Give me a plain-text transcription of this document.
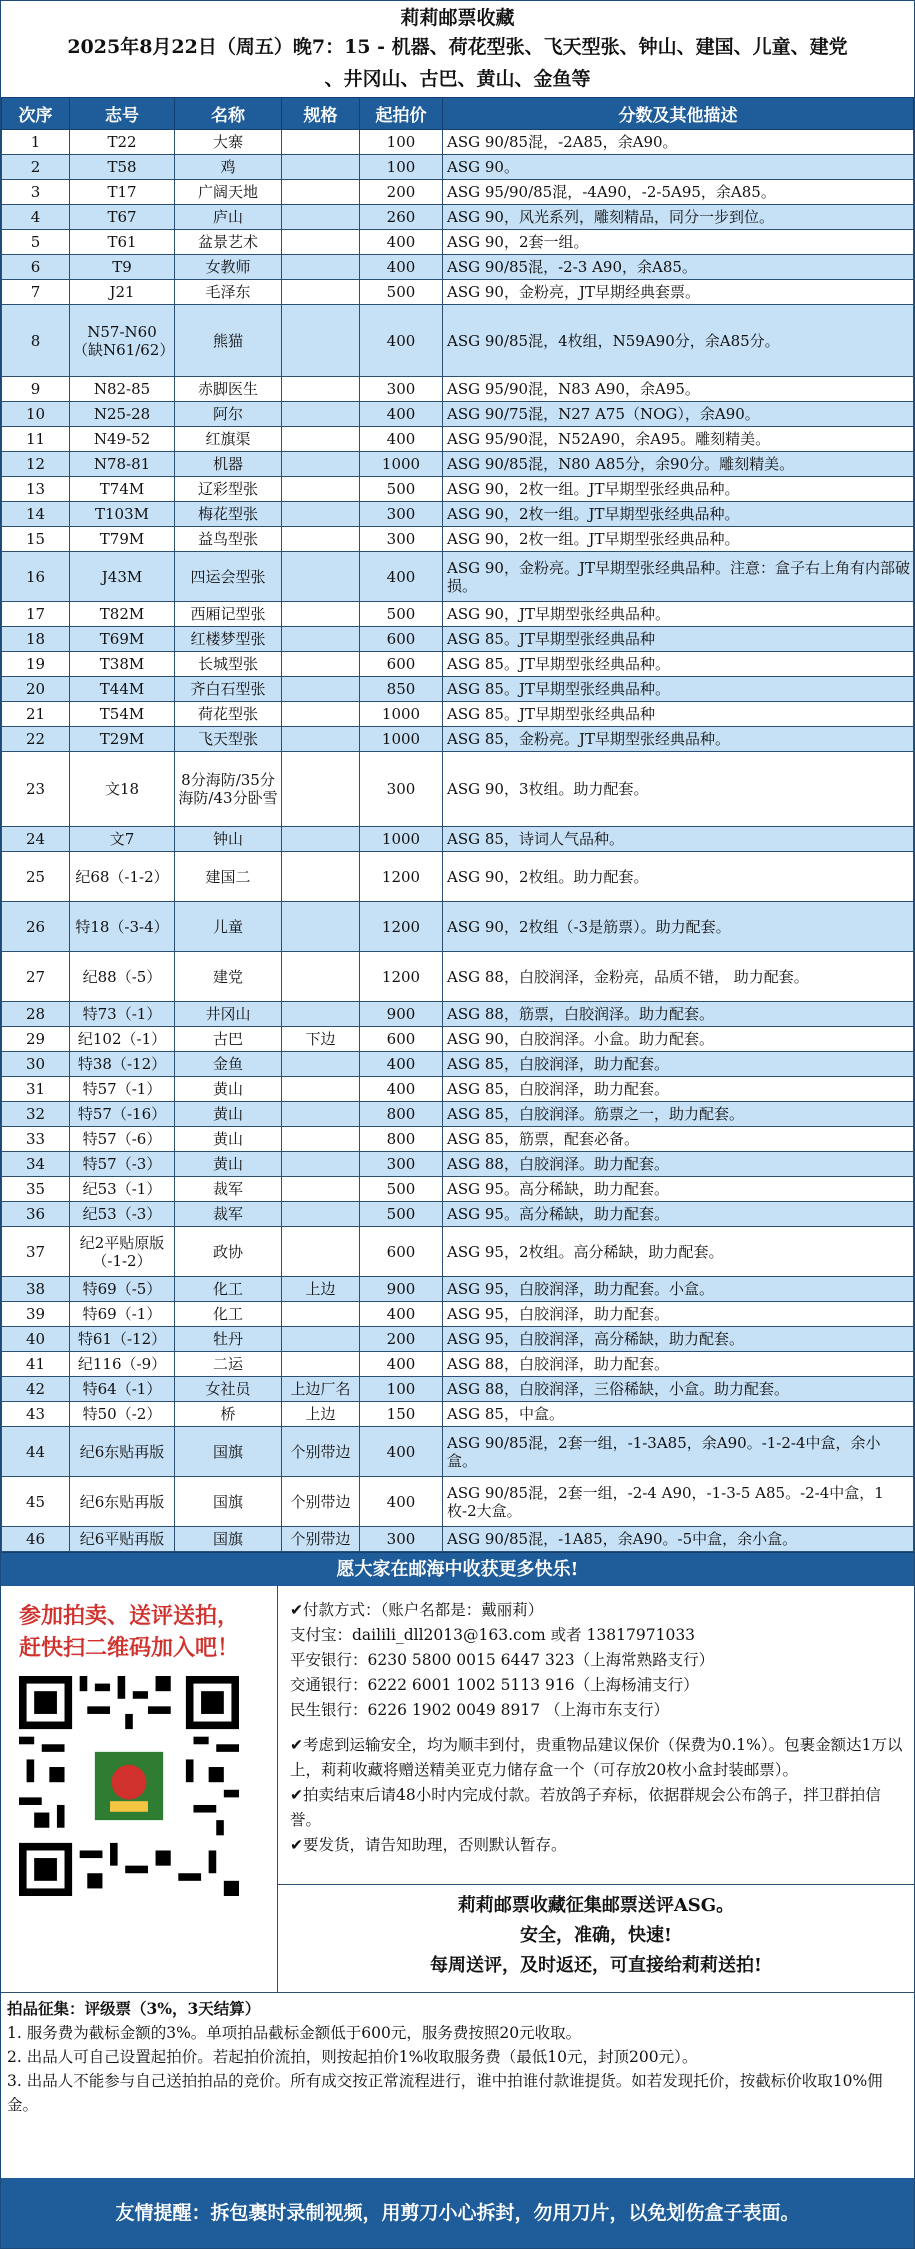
莉莉邮票收藏
2025年8月22日（周五）晚7：15 - 机器、荷花型张、飞天型张、钟山、建国、儿童、建党
、井冈山、古巴、黄山、金鱼等
次序	志号	名称	规格	起拍价	分数及其他描述
1	T22	大寨		100	ASG 90/85混，-2A85，余A90。
2	T58	鸡		100	ASG 90。
3	T17	广阔天地		200	ASG 95/90/85混，-4A90，-2-5A95，余A85。
4	T67	庐山		260	ASG 90，风光系列，雕刻精品，同分一步到位。
5	T61	盆景艺术		400	ASG 90，2套一组。
6	T9	女教师		400	ASG 90/85混，-2-3 A90，余A85。
7	J21	毛泽东		500	ASG 90，金粉亮，JT早期经典套票。
8	N57-N60（缺N61/62）	熊猫		400	ASG 90/85混，4枚组，N59A90分，余A85分。
9	N82-85	赤脚医生		300	ASG 95/90混，N83 A90，余A95。
10	N25-28	阿尔		400	ASG 90/75混，N27 A75（NOG），余A90。
11	N49-52	红旗渠		400	ASG 95/90混，N52A90，余A95。雕刻精美。
12	N78-81	机器		1000	ASG 90/85混，N80 A85分，余90分。雕刻精美。
13	T74M	辽彩型张		500	ASG 90，2枚一组。JT早期型张经典品种。
14	T103M	梅花型张		300	ASG 90，2枚一组。JT早期型张经典品种。
15	T79M	益鸟型张		300	ASG 90，2枚一组。JT早期型张经典品种。
16	J43M	四运会型张		400	ASG 90，金粉亮。JT早期型张经典品种。注意：盒子右上角有内部破损。
17	T82M	西厢记型张		500	ASG 90，JT早期型张经典品种。
18	T69M	红楼梦型张		600	ASG 85。JT早期型张经典品种
19	T38M	长城型张		600	ASG 85。JT早期型张经典品种。
20	T44M	齐白石型张		850	ASG 85。JT早期型张经典品种。
21	T54M	荷花型张		1000	ASG 85。JT早期型张经典品种
22	T29M	飞天型张		1000	ASG 85，金粉亮。JT早期型张经典品种。
23	文18	8分海防/35分海防/43分卧雪		300	ASG 90，3枚组。助力配套。
24	文7	钟山		1000	ASG 85，诗词人气品种。
25	纪68（-1-2）	建国二		1200	ASG 90，2枚组。助力配套。
26	特18（-3-4）	儿童		1200	ASG 90，2枚组（-3是筋票）。助力配套。
27	纪88（-5）	建党		1200	ASG 88，白胶润泽，金粉亮，品质不错， 助力配套。
28	特73（-1）	井冈山		900	ASG 88，筋票，白胶润泽。助力配套。
29	纪102（-1）	古巴	下边	600	ASG 90，白胶润泽。小盒。助力配套。
30	特38（-12）	金鱼		400	ASG 85，白胶润泽，助力配套。
31	特57（-1）	黄山		400	ASG 85，白胶润泽，助力配套。
32	特57（-16）	黄山		800	ASG 85，白胶润泽。筋票之一，助力配套。
33	特57（-6）	黄山		800	ASG 85，筋票，配套必备。
34	特57（-3）	黄山		300	ASG 88，白胶润泽。助力配套。
35	纪53（-1）	裁军		500	ASG 95。高分稀缺，助力配套。
36	纪53（-3）	裁军		500	ASG 95。高分稀缺，助力配套。
37	纪2平贴原版（-1-2）	政协		600	ASG 95，2枚组。高分稀缺，助力配套。
38	特69（-5）	化工	上边	900	ASG 95，白胶润泽，助力配套。小盒。
39	特69（-1）	化工		400	ASG 95，白胶润泽，助力配套。
40	特61（-12）	牡丹		200	ASG 95，白胶润泽，高分稀缺，助力配套。
41	纪116（-9）	二运		400	ASG 88，白胶润泽，助力配套。
42	特64（-1）	女社员	上边厂名	100	ASG 88，白胶润泽，三俗稀缺，小盒。助力配套。
43	特50（-2）	桥	上边	150	ASG 85，中盒。
44	纪6东贴再版	国旗	个别带边	400	ASG 90/85混，2套一组，-1-3A85，余A90。-1-2-4中盒，余小盒。
45	纪6东贴再版	国旗	个别带边	400	ASG 90/85混，2套一组，-2-4 A90，-1-3-5 A85。-2-4中盒，1枚-2大盒。
46	纪6平贴再版	国旗	个别带边	300	ASG 90/85混，-1A85，余A90。-5中盒，余小盒。
愿大家在邮海中收获更多快乐!
参加拍卖、送评送拍，
赶快扫二维码加入吧！
✔付款方式：（账户名都是：戴丽莉）
支付宝：dailili_dll2013@163.com 或者 13817971033
平安银行：6230 5800 0015 6447 323（上海常熟路支行）
交通银行：6222 6001 1002 5113 916（上海杨浦支行）
民生银行：6226 1902 0049 8917 （上海市东支行）
✔考虑到运输安全，均为顺丰到付，贵重物品建议保价（保费为0.1%）。包裹金额达1万以上，莉莉收藏将赠送精美亚克力储存盒一个（可存放20枚小盒封装邮票）。
✔拍卖结束后请48小时内完成付款。若放鸽子弃标，依据群规会公布鸽子，拌卫群拍信誉。
✔要发货，请告知助理，否则默认暂存。
莉莉邮票收藏征集邮票送评ASG。
安全，准确，快速!
每周送评，及时返还，可直接给莉莉送拍!
拍品征集：评级票（3%，3天结算）
1. 服务费为截标金额的3%。单项拍品截标金额低于600元，服务费按照20元收取。
2. 出品人可自己设置起拍价。若起拍价流拍，则按起拍价1%收取服务费（最低10元，封顶200元）。
3. 出品人不能参与自己送拍拍品的竞价。所有成交按正常流程进行，谁中拍谁付款谁提货。如若发现托价，按截标价收取10%佣金。
友情提醒：拆包裹时录制视频，用剪刀小心拆封，勿用刀片，以免划伤盒子表面。
